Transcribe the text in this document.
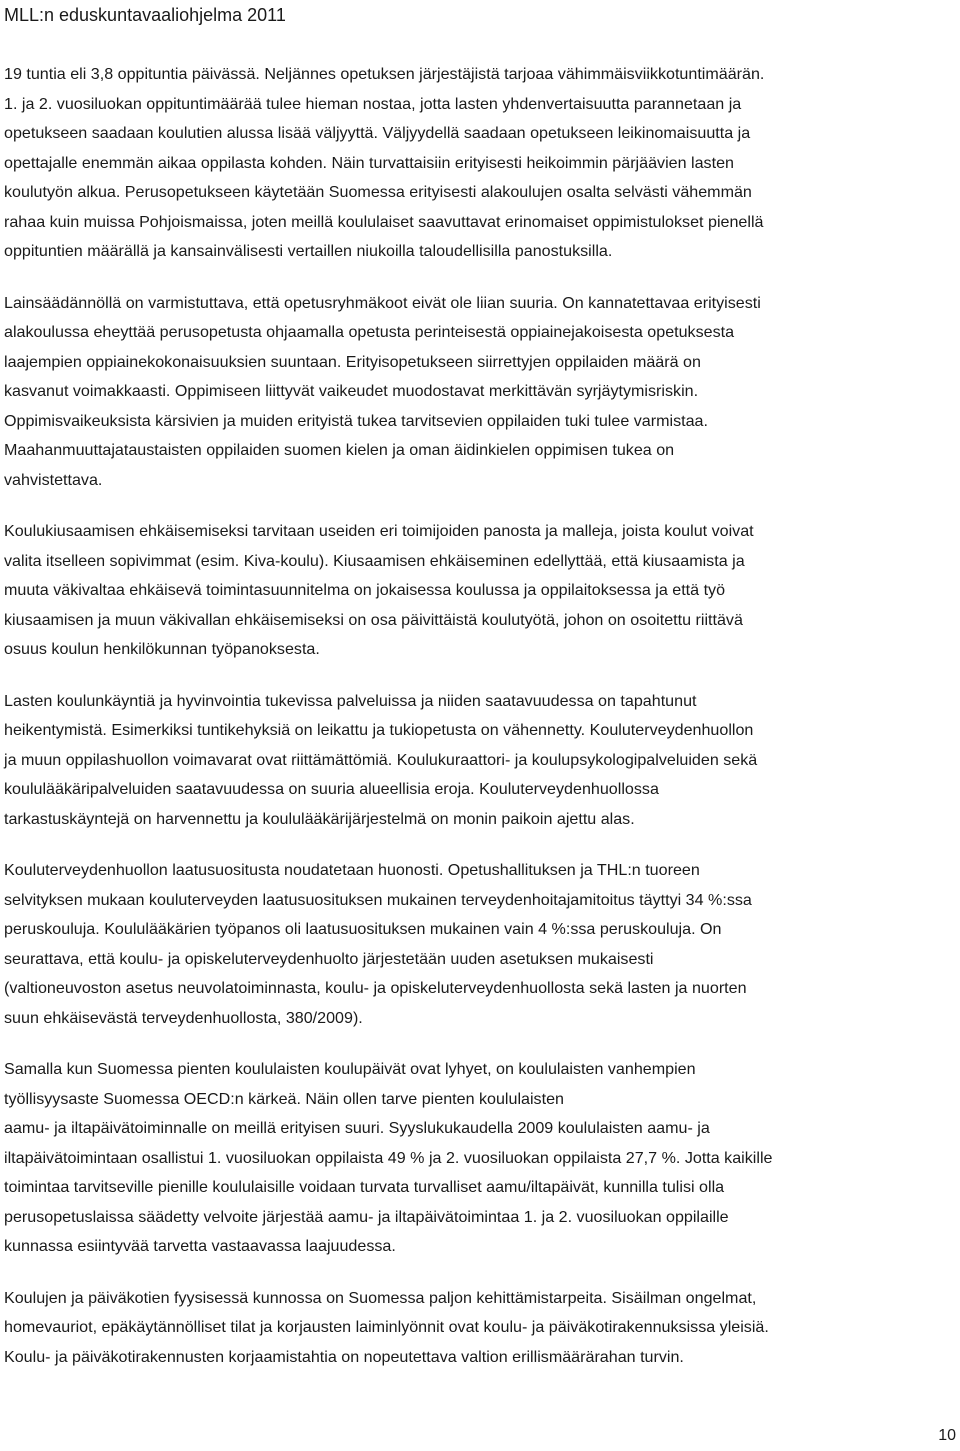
MLL:n eduskuntavaaliohjelma 2011

19 tuntia eli 3,8 oppituntia päivässä. Neljännes opetuksen järjestäjistä tarjoaa vähimmäisviikkotuntimäärän.
1. ja 2. vuosiluokan oppituntimäärää tulee hieman nostaa, jotta lasten yhdenvertaisuutta parannetaan ja
opetukseen saadaan koulutien alussa lisää väljyyttä. Väljyydellä saadaan opetukseen leikinomaisuutta ja
opettajalle enemmän aikaa oppilasta kohden. Näin turvattaisiin erityisesti heikoimmin pärjäävien lasten
koulutyön alkua. Perusopetukseen käytetään Suomessa erityisesti alakoulujen osalta selvästi vähemmän
rahaa kuin muissa Pohjoismaissa, joten meillä koululaiset saavuttavat erinomaiset oppimistulokset pienellä
oppituntien määrällä ja kansainvälisesti vertaillen niukoilla taloudellisilla panostuksilla.

Lainsäädännöllä on varmistuttava, että opetusryhmäkoot eivät ole liian suuria. On kannatettavaa erityisesti
alakoulussa eheyttää perusopetusta ohjaamalla opetusta perinteisestä oppiainejakoisesta opetuksesta
laajempien oppiainekokonaisuuksien suuntaan. Erityisopetukseen siirrettyjen oppilaiden määrä on
kasvanut voimakkaasti. Oppimiseen liittyvät vaikeudet muodostavat merkittävän syrjäytymisriskin.
Oppimisvaikeuksista kärsivien ja muiden erityistä tukea tarvitsevien oppilaiden tuki tulee varmistaa.
Maahanmuuttajataustaisten oppilaiden suomen kielen ja oman äidinkielen oppimisen tukea on
vahvistettava.

Koulukiusaamisen ehkäisemiseksi tarvitaan useiden eri toimijoiden panosta ja malleja, joista koulut voivat
valita itselleen sopivimmat (esim. Kiva-koulu). Kiusaamisen ehkäiseminen edellyttää, että kiusaamista ja
muuta väkivaltaa ehkäisevä toimintasuunnitelma on jokaisessa koulussa ja oppilaitoksessa ja että työ
kiusaamisen ja muun väkivallan ehkäisemiseksi on osa päivittäistä koulutyötä, johon on osoitettu riittävä
osuus koulun henkilökunnan työpanoksesta.

Lasten koulunkäyntiä ja hyvinvointia tukevissa palveluissa ja niiden saatavuudessa on tapahtunut
heikentymistä. Esimerkiksi tuntikehyksiä on leikattu ja tukiopetusta on vähennetty. Kouluterveydenhuollon
ja muun oppilashuollon voimavarat ovat riittämättömiä. Koulukuraattori- ja koulupsykologipalveluiden sekä
koululääkäripalveluiden saatavuudessa on suuria alueellisia eroja. Kouluterveydenhuollossa
tarkastuskäyntejä on harvennettu ja koululääkärijärjestelmä on monin paikoin ajettu alas.

Kouluterveydenhuollon laatusuositusta noudatetaan huonosti. Opetushallituksen ja THL:n tuoreen
selvityksen mukaan kouluterveyden laatusuosituksen mukainen terveydenhoitajamitoitus täyttyi 34 %:ssa
peruskouluja. Koululääkärien työpanos oli laatusuosituksen mukainen vain 4 %:ssa peruskouluja. On
seurattava, että koulu- ja opiskeluterveydenhuolto järjestetään uuden asetuksen mukaisesti
(valtioneuvoston asetus neuvolatoiminnasta, koulu- ja opiskeluterveydenhuollosta sekä lasten ja nuorten
suun ehkäisevästä terveydenhuollosta, 380/2009).

Samalla kun Suomessa pienten koululaisten koulupäivät ovat lyhyet, on koululaisten vanhempien
työllisyysaste Suomessa OECD:n kärkeä. Näin ollen tarve pienten koululaisten
aamu- ja iltapäivätoiminnalle on meillä erityisen suuri. Syyslukukaudella 2009 koululaisten aamu- ja
iltapäivätoimintaan osallistui 1. vuosiluokan oppilaista 49 % ja 2. vuosiluokan oppilaista 27,7 %. Jotta kaikille
toimintaa tarvitseville pienille koululaisille voidaan turvata turvalliset aamu/iltapäivät, kunnilla tulisi olla
perusopetuslaissa säädetty velvoite järjestää aamu- ja iltapäivätoimintaa 1. ja 2. vuosiluokan oppilaille
kunnassa esiintyvää tarvetta vastaavassa laajuudessa.

Koulujen ja päiväkotien fyysisessä kunnossa on Suomessa paljon kehittämistarpeita. Sisäilman ongelmat,
homevauriot, epäkäytännölliset tilat ja korjausten laiminlyönnit ovat koulu- ja päiväkotirakennuksissa yleisiä.
Koulu- ja päiväkotirakennusten korjaamistahtia on nopeutettava valtion erillismäärärahan turvin.

10
